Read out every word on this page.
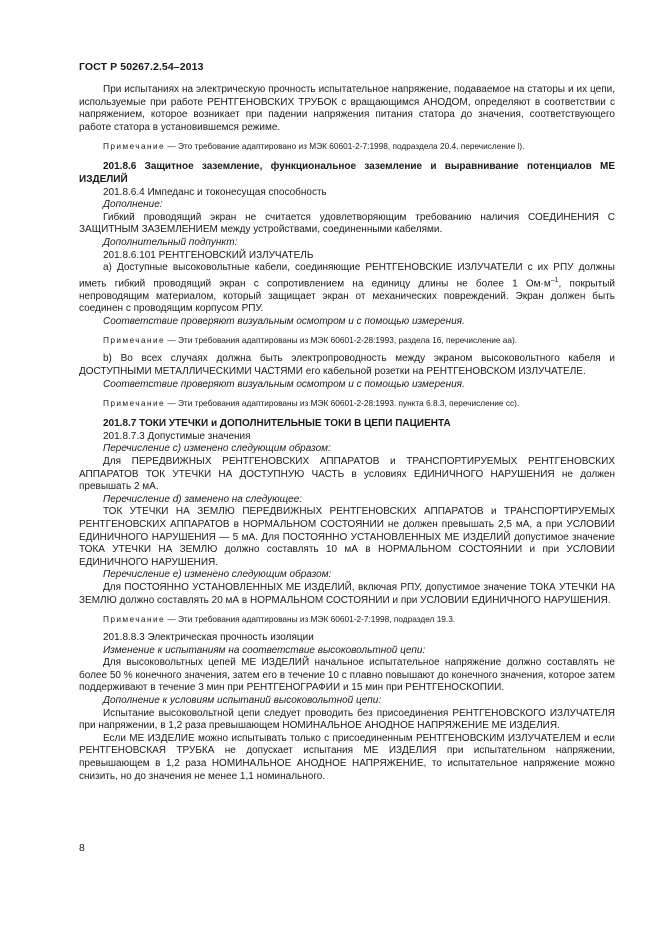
ГОСТ Р 50267.2.54–2013

При испытаниях на электрическую прочность испытательное напряжение, подаваемое на статоры и их цепи, используемые при работе РЕНТГЕНОВСКИХ ТРУБОК с вращающимся АНОДОМ, определяют в соответствии с напряжением, которое возникает при падении напряжения питания статора до значения, соответствующего работе статора в установившемся режиме.

Примечание — Это требование адаптировано из МЭК 60601-2-7:1998, подраздела 20.4, перечисление l).

201.8.6 Защитное заземление, функциональное заземление и выравнивание потенциалов МЕ ИЗДЕЛИЙ

201.8.6.4 Импеданс и токонесущая способность

Дополнение:

Гибкий проводящий экран не считается удовлетворяющим требованию наличия СОЕДИНЕНИЯ С ЗАЩИТНЫМ ЗАЗЕМЛЕНИЕМ между устройствами, соединенными кабелями.

Дополнительный подпункт:

201.8.6.101 РЕНТГЕНОВСКИЙ ИЗЛУЧАТЕЛЬ

а) Доступные высоковольтные кабели, соединяющие РЕНТГЕНОВСКИЕ ИЗЛУЧАТЕЛИ с их РПУ должны иметь гибкий проводящий экран с сопротивлением на единицу длины не более 1 $Ом\cdot м^{-1}$, покрытый непроводящим материалом, который защищает экран от механических повреждений. Экран должен быть соединен с проводящим корпусом РПУ.

Соответствие проверяют визуальным осмотром и с помощью измерения.

Примечание — Эти требования адаптированы из МЭК 60601-2-28:1993, раздела 16, перечисление аа).

b) Во всех случаях должна быть электропроводность между экраном высоковольтного кабеля и ДОСТУПНЫМИ МЕТАЛЛИЧЕСКИМИ ЧАСТЯМИ его кабельной розетки на РЕНТГЕНОВСКОМ ИЗЛУЧАТЕЛЕ.

Соответствие проверяют визуальным осмотром и с помощью измерения.

Примечание — Эти требования адаптированы из МЭК 60601-2-28:1993. пункта 6.8.3, перечисление сс).

201.8.7 ТОКИ УТЕЧКИ и ДОПОЛНИТЕЛЬНЫЕ ТОКИ В ЦЕПИ ПАЦИЕНТА

201.8.7.3 Допустимые значения

Перечисление с) изменено следующим образом:

Для ПЕРЕДВИЖНЫХ РЕНТГЕНОВСКИХ АППАРАТОВ и ТРАНСПОРТИРУЕМЫХ РЕНТГЕНОВСКИХ АППАРАТОВ ТОК УТЕЧКИ НА ДОСТУПНУЮ ЧАСТЬ в условиях ЕДИНИЧНОГО НАРУШЕНИЯ не должен превышать 2 мА.

Перечисление d) заменено на следующее:

ТОК УТЕЧКИ НА ЗЕМЛЮ ПЕРЕДВИЖНЫХ РЕНТГЕНОВСКИХ АППАРАТОВ и ТРАНСПОРТИРУЕМЫХ РЕНТГЕНОВСКИХ АППАРАТОВ в НОРМАЛЬНОМ СОСТОЯНИИ не должен превышать 2,5 мА, а при УСЛОВИИ ЕДИНИЧНОГО НАРУШЕНИЯ — 5 мА. Для ПОСТОЯННО УСТАНОВЛЕННЫХ МЕ ИЗДЕЛИЙ допустимое значение ТОКА УТЕЧКИ НА ЗЕМЛЮ должно составлять 10 мА в НОРМАЛЬНОМ СОСТОЯНИИ и при УСЛОВИИ ЕДИНИЧНОГО НАРУШЕНИЯ.

Перечисление е) изменено следующим образом:

Для ПОСТОЯННО УСТАНОВЛЕННЫХ МЕ ИЗДЕЛИЙ, включая РПУ, допустимое значение ТОКА УТЕЧКИ НА ЗЕМЛЮ должно составлять 20 мА в НОРМАЛЬНОМ СОСТОЯНИИ и при УСЛОВИИ ЕДИНИЧНОГО НАРУШЕНИЯ.

Примечание — Эти требования адаптированы из МЭК 60601-2-7:1998, подраздел 19.3.

201.8.8.3 Электрическая прочность изоляции

Изменение к испытаниям на соответствие высоковольтной цепи:

Для высоковольтных цепей МЕ ИЗДЕЛИЙ начальное испытательное напряжение должно составлять не более 50 % конечного значения, затем его в течение 10 с плавно повышают до конечного значения, которое затем поддерживают в течение 3 мин при РЕНТГЕНОГРАФИИ и 15 мин при РЕНТГЕНОСКОПИИ.

Дополнение к условиям испытаний высоковольтной цепи:

Испытание высоковольтной цепи следует проводить без присоединения РЕНТГЕНОВСКОГО ИЗЛУЧАТЕЛЯ при напряжении, в 1,2 раза превышающем НОМИНАЛЬНОЕ АНОДНОЕ НАПРЯЖЕНИЕ МЕ ИЗДЕЛИЯ.

Если МЕ ИЗДЕЛИЕ можно испытывать только с присоединенным РЕНТГЕНОВСКИМ ИЗЛУЧАТЕЛЕМ и если РЕНТГЕНОВСКАЯ ТРУБКА не допускает испытания МЕ ИЗДЕЛИЯ при испытательном напряжении, превышающем в 1,2 раза НОМИНАЛЬНОЕ АНОДНОЕ НАПРЯЖЕНИЕ, то испытательное напряжение можно снизить, но до значения не менее 1,1 номинального.

8
